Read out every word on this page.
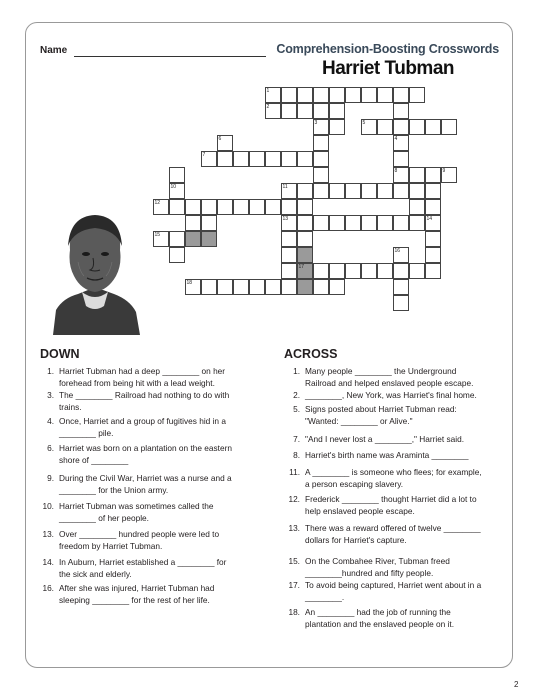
Name	Comprehension-Boosting Crosswords
Harriet Tubman
1
2
3
4
5
6
7
8	9
10	11
12
13	14
15
16
17
18
DOWN
1. Harriet Tubman had a deep ________ on her forehead from being hit with a lead weight.
3. The ________ Railroad had nothing to do with trains.
4. Once, Harriet and a group of fugitives hid in a ________ pile.
6. Harriet was born on a plantation on the eastern shore of ________
9. During the Civil War, Harriet was a nurse and a ________ for the Union army.
10. Harriet Tubman was sometimes called the ________ of her people.
13. Over ________ hundred people were led to freedom by Harriet Tubman.
14. In Auburn, Harriet established a ________ for the sick and elderly.
16. After she was injured, Harriet Tubman had sleeping ________ for the rest of her life.
ACROSS
1. Many people ________ the Underground Railroad and helped enslaved people escape.
2. ________, New York, was Harriet's final home.
5. Signs posted about Harriet Tubman read: "Wanted: ________ or Alive."
7. "And I never lost a ________," Harriet said.
8. Harriet's birth name was Araminta ________
11. A ________ is someone who flees; for example, a person escaping slavery.
12. Frederick ________ thought Harriet did a lot to help enslaved people escape.
13. There was a reward offered of twelve ________ dollars for Harriet's capture.
15. On the Combahee River, Tubman freed ________hundred and fifty people.
17. To avoid being captured, Harriet went about in a ________.
18. An ________ had the job of running the plantation and the enslaved people on it.
2
